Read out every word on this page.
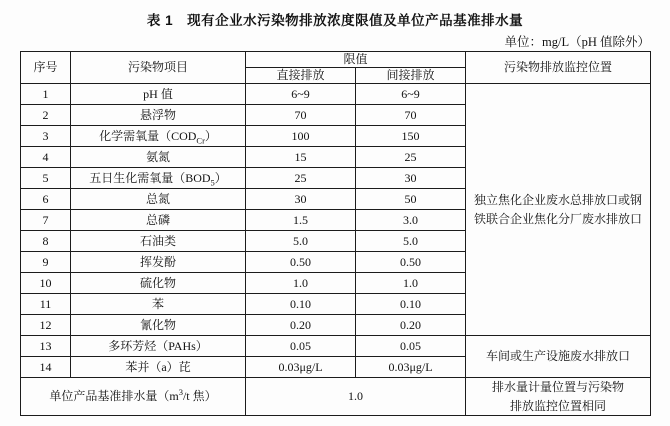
表 1　现有企业水污染物排放浓度限值及单位产品基准排水量
单位：mg/L（pH 值除外）
序号	污染物项目	限值		污染物排放监控位置
		直接排放	间接排放	
1	pH 值	6~9	6~9	独立焦化企业废水总排放口或钢
铁联合企业焦化分厂废水排放口

2	悬浮物	70	70	
3	化学需氧量$(COD_{Cr})$	100	150	
4	氨氮	15	25	
5	五日生化需氧量$(BOD_5)$	25	30	
6	总氮	30	50	
7	总磷	1.5	3.0	
8	石油类	5.0	5.0	
9	挥发酚	0.50	0.50	
10	硫化物	1.0	1.0	
11	苯	0.10	0.10	
12	氰化物	0.20	0.20	
13	多环芳烃（PAHs）	0.05	0.05	车间或生产设施废水排放口
14	苯并（a）芘	0.03μg/L	0.03μg/L	
单位产品基准排水量（$m^3/t$ 焦）		1.0		排水量计量位置与污染物
排放监控位置相同
